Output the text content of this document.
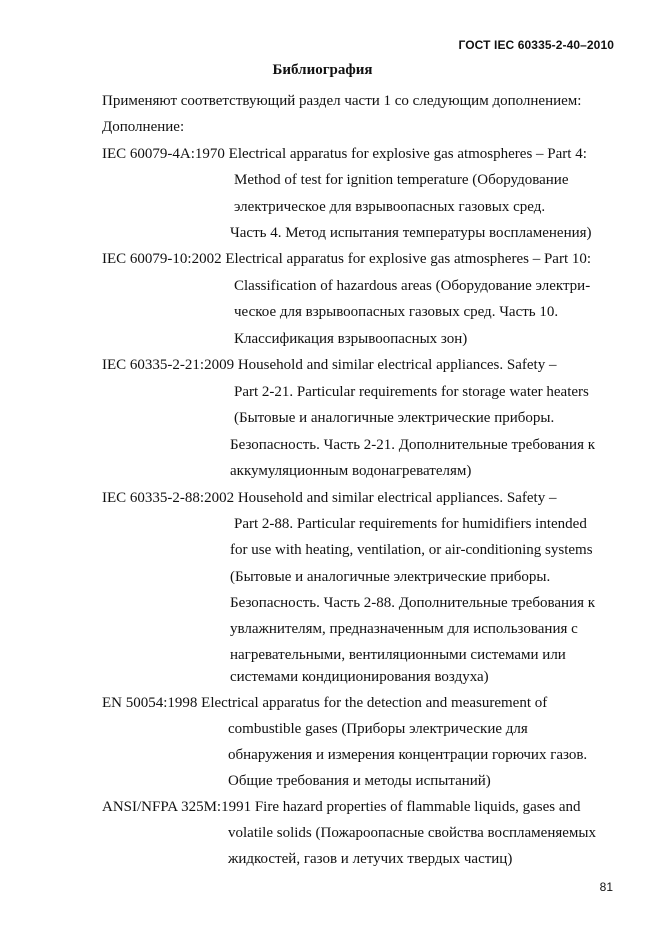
ГОСТ IEC 60335-2-40–2010

Библиография

Применяют соответствующий раздел части 1 со следующим дополнением:

Дополнение:

IEC 60079-4A:1970 Electrical apparatus for explosive gas atmospheres – Part 4:

Method of test for ignition temperature (Оборудование

электрическое для взрывоопасных газовых сред.

Часть 4. Метод испытания температуры воспламенения)

IEC 60079-10:2002 Electrical apparatus for explosive gas atmospheres – Part 10:

Classification of hazardous areas (Оборудование электри-

ческое для взрывоопасных газовых сред. Часть 10.

Классификация взрывоопасных зон)

IEC 60335-2-21:2009 Household and similar electrical appliances. Safety –

Part 2-21. Particular requirements for storage water heaters

(Бытовые и аналогичные электрические приборы.

Безопасность. Часть 2-21. Дополнительные требования к

аккумуляционным водонагревателям)

IEC 60335-2-88:2002 Household and similar electrical appliances. Safety –

Part 2-88. Particular requirements for humidifiers intended

for use with heating, ventilation, or air-conditioning systems

(Бытовые и аналогичные электрические приборы.

Безопасность. Часть 2-88. Дополнительные требования к

увлажнителям, предназначенным для использования с

нагревательными, вентиляционными системами или

системами кондиционирования воздуха)

EN 50054:1998 Electrical apparatus for the detection and measurement of

combustible gases (Приборы электрические для

обнаружения и измерения концентрации горючих газов.

Общие требования и методы испытаний)

ANSI/NFPA 325M:1991 Fire hazard properties of flammable liquids, gases and

volatile solids (Пожароопасные свойства воспламеняемых

жидкостей, газов и летучих твердых частиц)

81
